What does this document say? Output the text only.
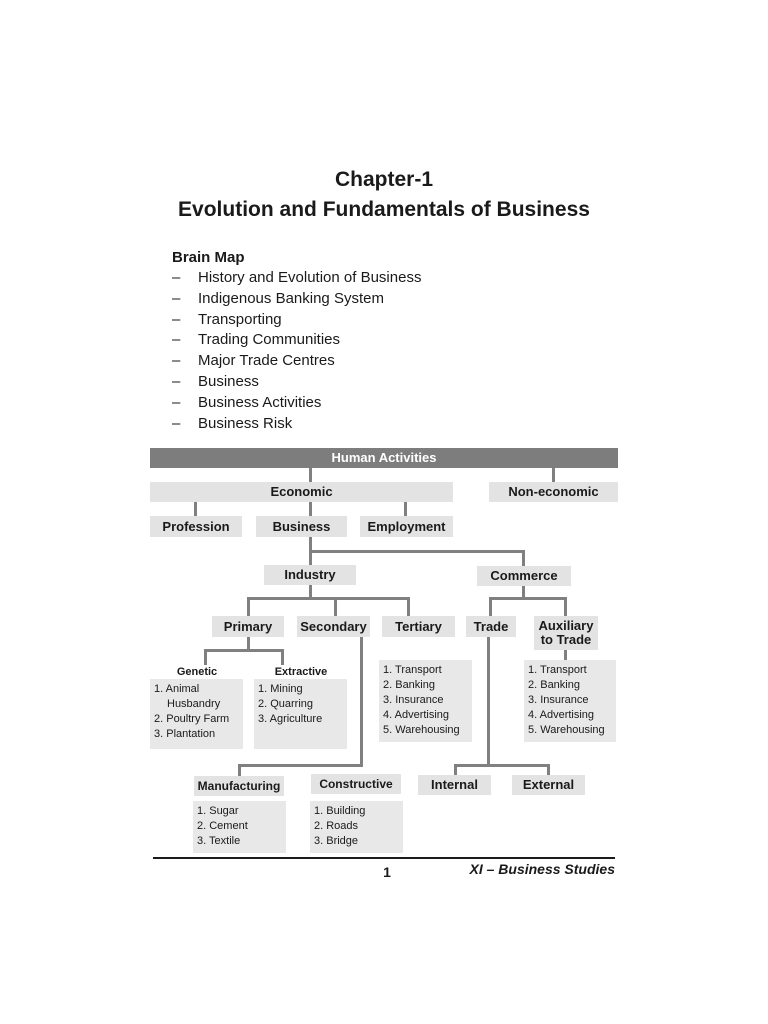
Chapter-1
Evolution and Fundamentals of Business
Brain Map
– History and Evolution of Business
– Indigenous Banking System
– Transporting
– Trading Communities
– Major Trade Centres
– Business
– Business Activities
– Business Risk
Human Activities
Economic	Non-economic
Profession	Business	Employment
Industry	Commerce
Primary	Secondary	Tertiary	Trade	Auxiliary to Trade
Genetic	Extractive
1. Animal
Husbandry
2. Poultry Farm
3. Plantation
1. Mining
2. Quarring
3. Agriculture
1. Transport
2. Banking
3. Insurance
4. Advertising
5. Warehousing
1. Transport
2. Banking
3. Insurance
4. Advertising
5. Warehousing
Manufacturing	Constructive	Internal	External
1. Sugar
2. Cement
3. Textile
1. Building
2. Roads
3. Bridge
1	XI – Business Studies
